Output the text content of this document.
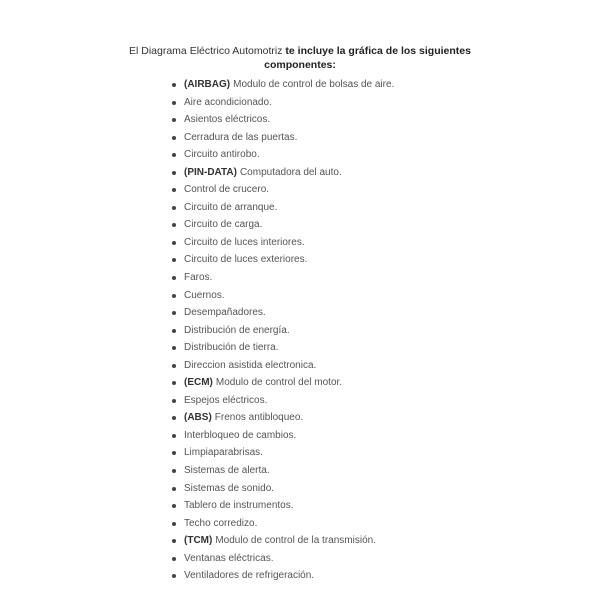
El Diagrama Eléctrico Automotriz te incluye la gráfica de los siguientes componentes:
(AIRBAG) Modulo de control de bolsas de aire.
Aire acondicionado.
Asientos eléctricos.
Cerradura de las puertas.
Circuito antirobo.
(PIN-DATA) Computadora del auto.
Control de crucero.
Circuito de arranque.
Circuito de carga.
Circuito de luces interiores.
Circuito de luces exteriores.
Faros.
Cuernos.
Desempañadores.
Distribución de energía.
Distribución de tierra.
Direccion asistida electronica.
(ECM) Modulo de control del motor.
Espejos eléctricos.
(ABS) Frenos antibloqueo.
Interbloqueo de cambios.
Limpiaparabrisas.
Sistemas de alerta.
Sistemas de sonido.
Tablero de instrumentos.
Techo corredizo.
(TCM) Modulo de control de la transmisión.
Ventanas eléctricas.
Ventiladores de refrigeración.
